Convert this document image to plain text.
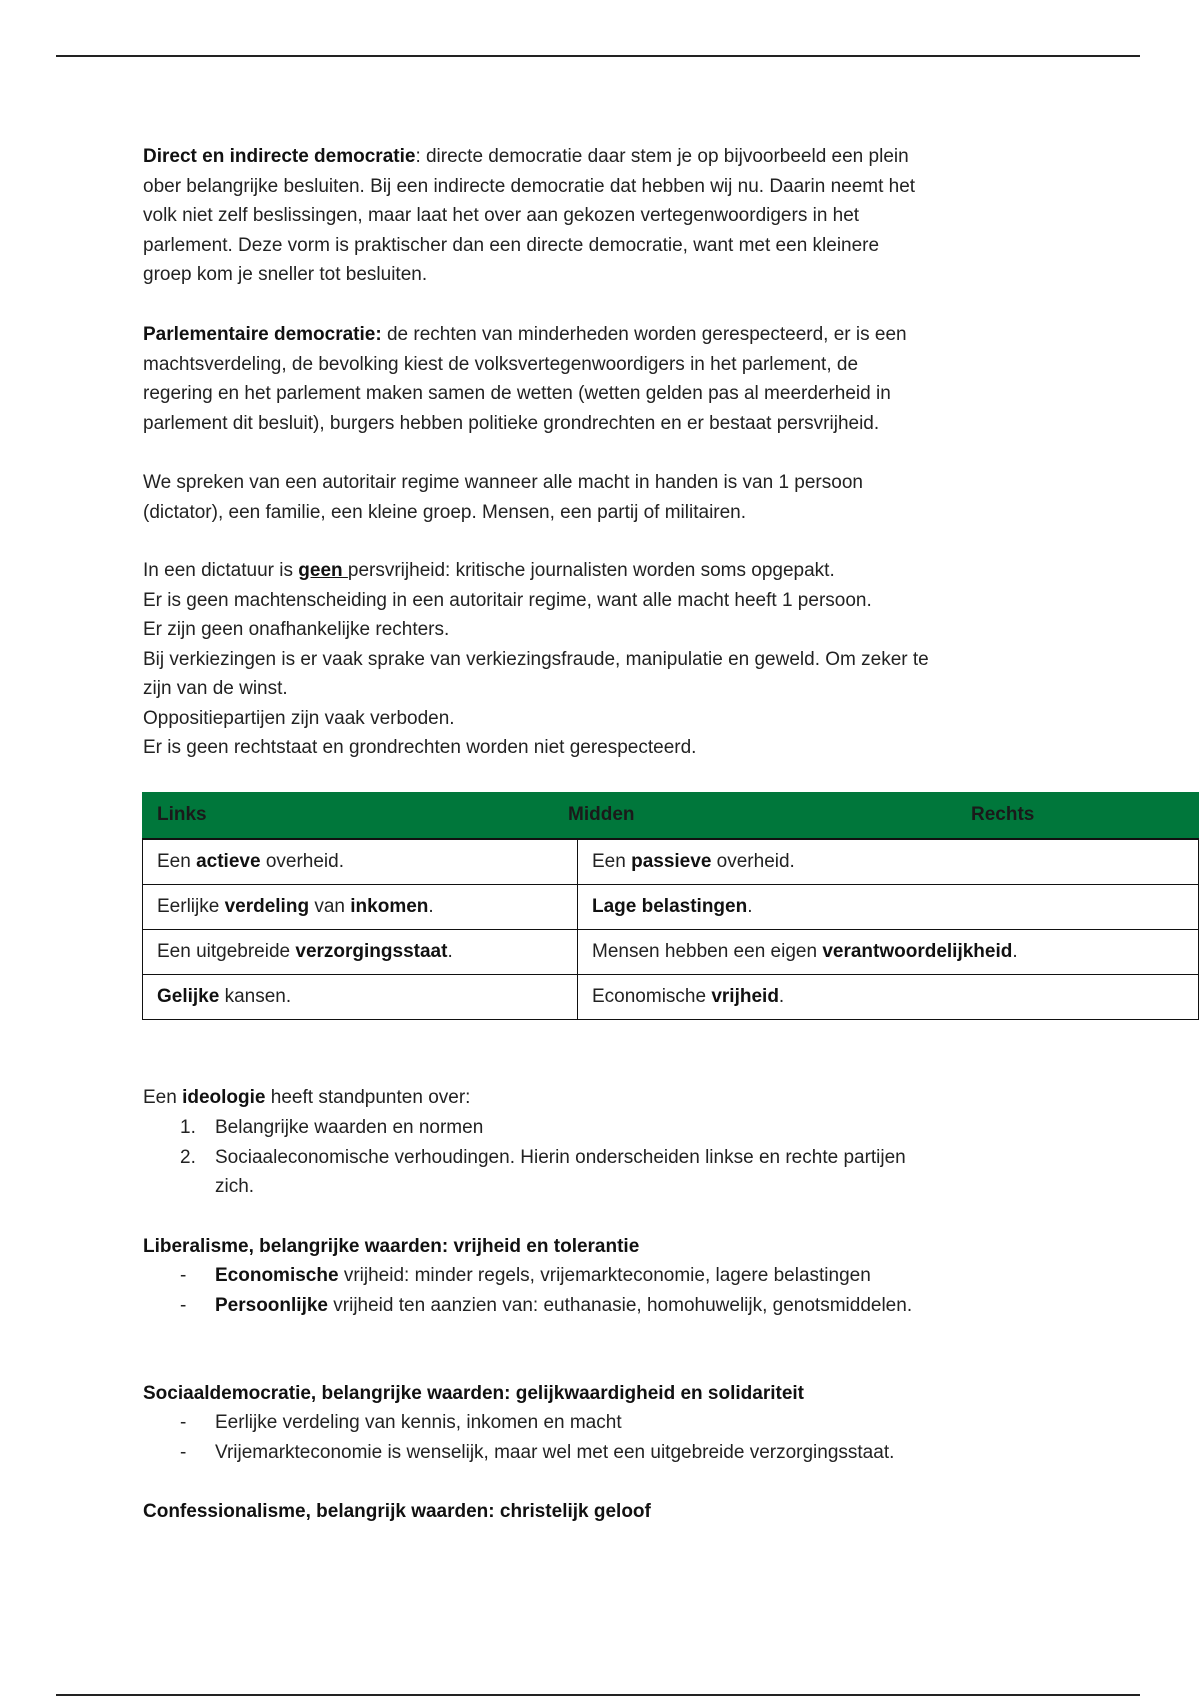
Direct en indirecte democratie: directe democratie daar stem je op bijvoorbeeld een plein
ober belangrijke besluiten. Bij een indirecte democratie dat hebben wij nu. Daarin neemt het
volk niet zelf beslissingen, maar laat het over aan gekozen vertegenwoordigers in het
parlement. Deze vorm is praktischer dan een directe democratie, want met een kleinere
groep kom je sneller tot besluiten.
Parlementaire democratie: de rechten van minderheden worden gerespecteerd, er is een
machtsverdeling, de bevolking kiest de volksvertegenwoordigers in het parlement, de
regering en het parlement maken samen de wetten (wetten gelden pas al meerderheid in
parlement dit besluit), burgers hebben politieke grondrechten en er bestaat persvrijheid.
We spreken van een autoritair regime wanneer alle macht in handen is van 1 persoon
(dictator), een familie, een kleine groep. Mensen, een partij of militairen.
In een dictatuur is geen persvrijheid: kritische journalisten worden soms opgepakt.
Er is geen machtenscheiding in een autoritair regime, want alle macht heeft 1 persoon.
Er zijn geen onafhankelijke rechters.
Bij verkiezingen is er vaak sprake van verkiezingsfraude, manipulatie en geweld. Om zeker te
zijn van de winst.
Oppositiepartijen zijn vaak verboden.
Er is geen rechtstaat en grondrechten worden niet gerespecteerd.
Links Midden Rechts	

Een actieve overheid.	Een passieve overheid.
Eerlijke verdeling van inkomen.	Lage belastingen.
Een uitgebreide verzorgingsstaat.	Mensen hebben een eigen verantwoordelijkheid.
Gelijke kansen.	Economische vrijheid.
Een ideologie heeft standpunten over:
1. Belangrijke waarden en normen
2. Sociaaleconomische verhoudingen. Hierin onderscheiden linkse en rechte partijen
zich.
Liberalisme, belangrijke waarden: vrijheid en tolerantie
- Economische vrijheid: minder regels, vrijemarkteconomie, lagere belastingen
- Persoonlijke vrijheid ten aanzien van: euthanasie, homohuwelijk, genotsmiddelen.
Sociaaldemocratie, belangrijke waarden: gelijkwaardigheid en solidariteit
- Eerlijke verdeling van kennis, inkomen en macht
- Vrijemarkteconomie is wenselijk, maar wel met een uitgebreide verzorgingsstaat.
Confessionalisme, belangrijk waarden: christelijk geloof
